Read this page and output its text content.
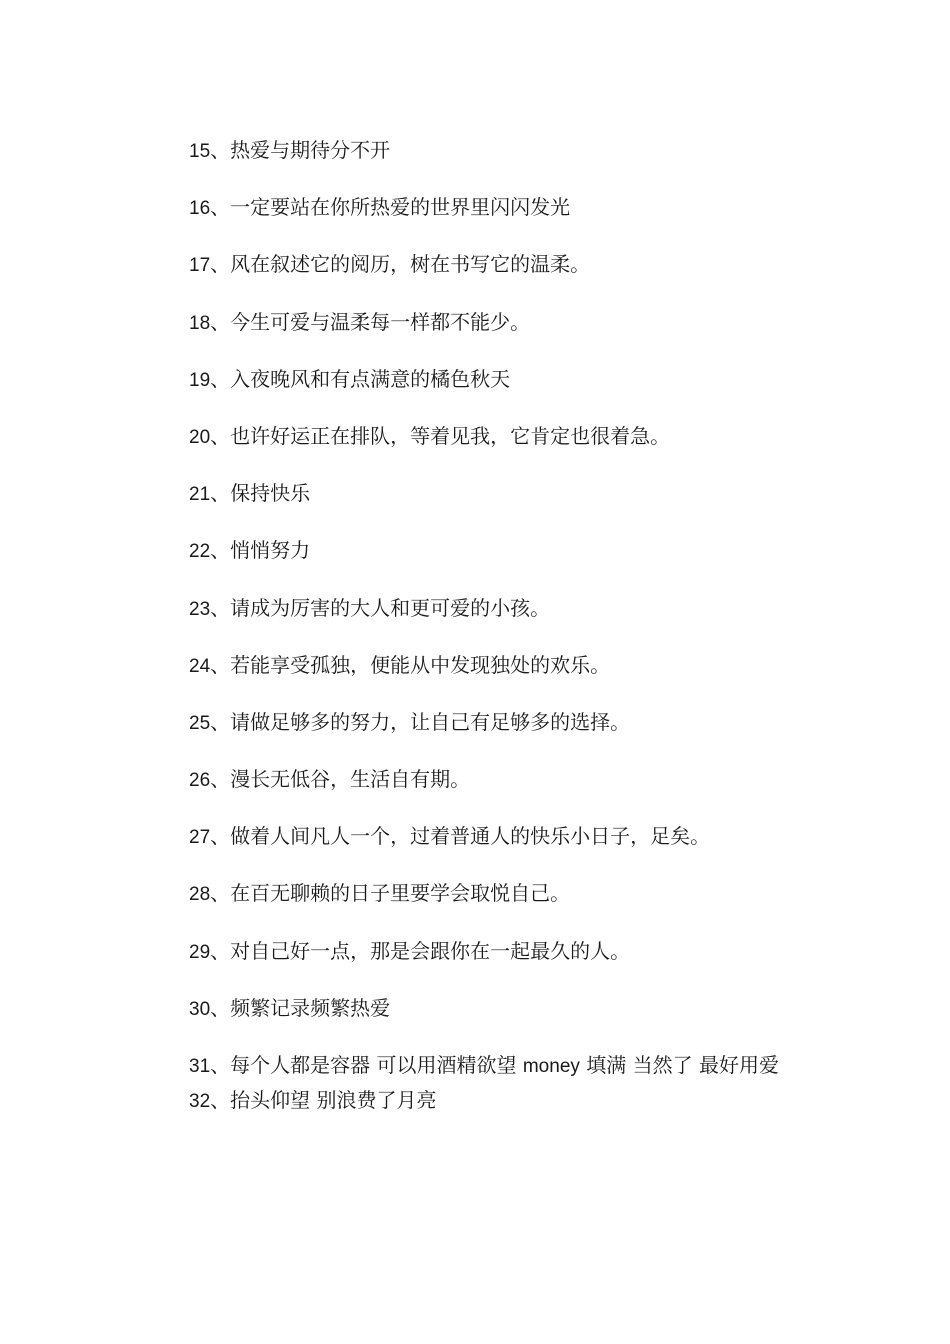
15、热爱与期待分不开
16、一定要站在你所热爱的世界里闪闪发光
17、风在叙述它的阅历，树在书写它的温柔。
18、今生可爱与温柔每一样都不能少。
19、入夜晚风和有点满意的橘色秋天
20、也许好运正在排队，等着见我，它肯定也很着急。
21、保持快乐
22、悄悄努力
23、请成为厉害的大人和更可爱的小孩。
24、若能享受孤独，便能从中发现独处的欢乐。
25、请做足够多的努力，让自己有足够多的选择。
26、漫长无低谷，生活自有期。
27、做着人间凡人一个，过着普通人的快乐小日子，足矣。
28、在百无聊赖的日子里要学会取悦自己。
29、对自己好一点，那是会跟你在一起最久的人。
30、频繁记录频繁热爱
31、每个人都是容器 可以用酒精欲望 money 填满 当然了 最好用爱
32、抬头仰望 别浪费了月亮
